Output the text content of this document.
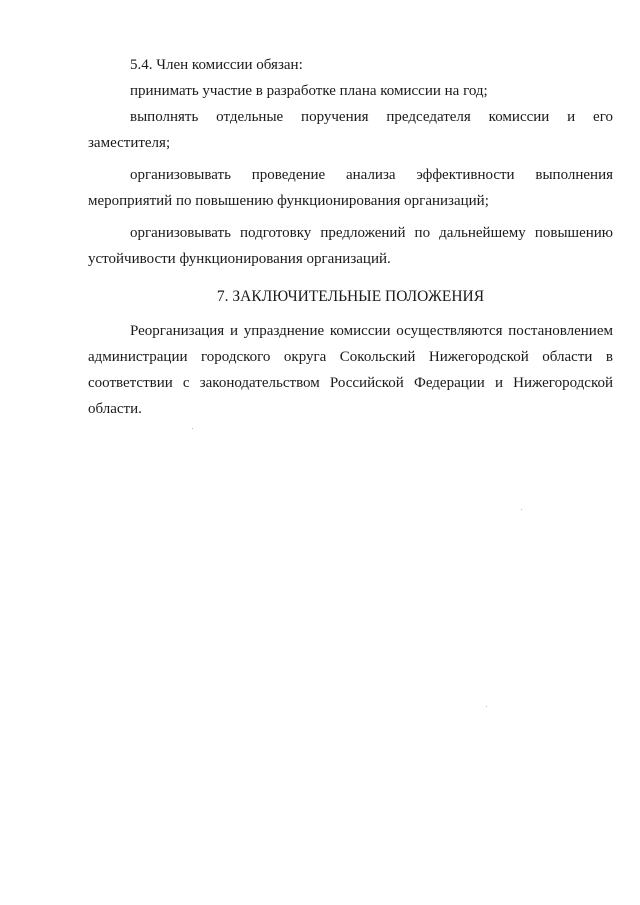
5.4. Член комиссии обязан:

принимать участие в разработке плана комиссии на год;

выполнять отдельные поручения председателя комиссии и его заместителя;

организовывать проведение анализа эффективности выполнения мероприятий по повышению функционирования организаций;

организовывать подготовку предложений по дальнейшему повышению устойчивости функционирования организаций.

7. ЗАКЛЮЧИТЕЛЬНЫЕ ПОЛОЖЕНИЯ

Реорганизация и упразднение комиссии осуществляются постановлением администрации городского округа Сокольский Нижегородской области в соответствии с законодательством Российской Федерации и Нижегородской области.
